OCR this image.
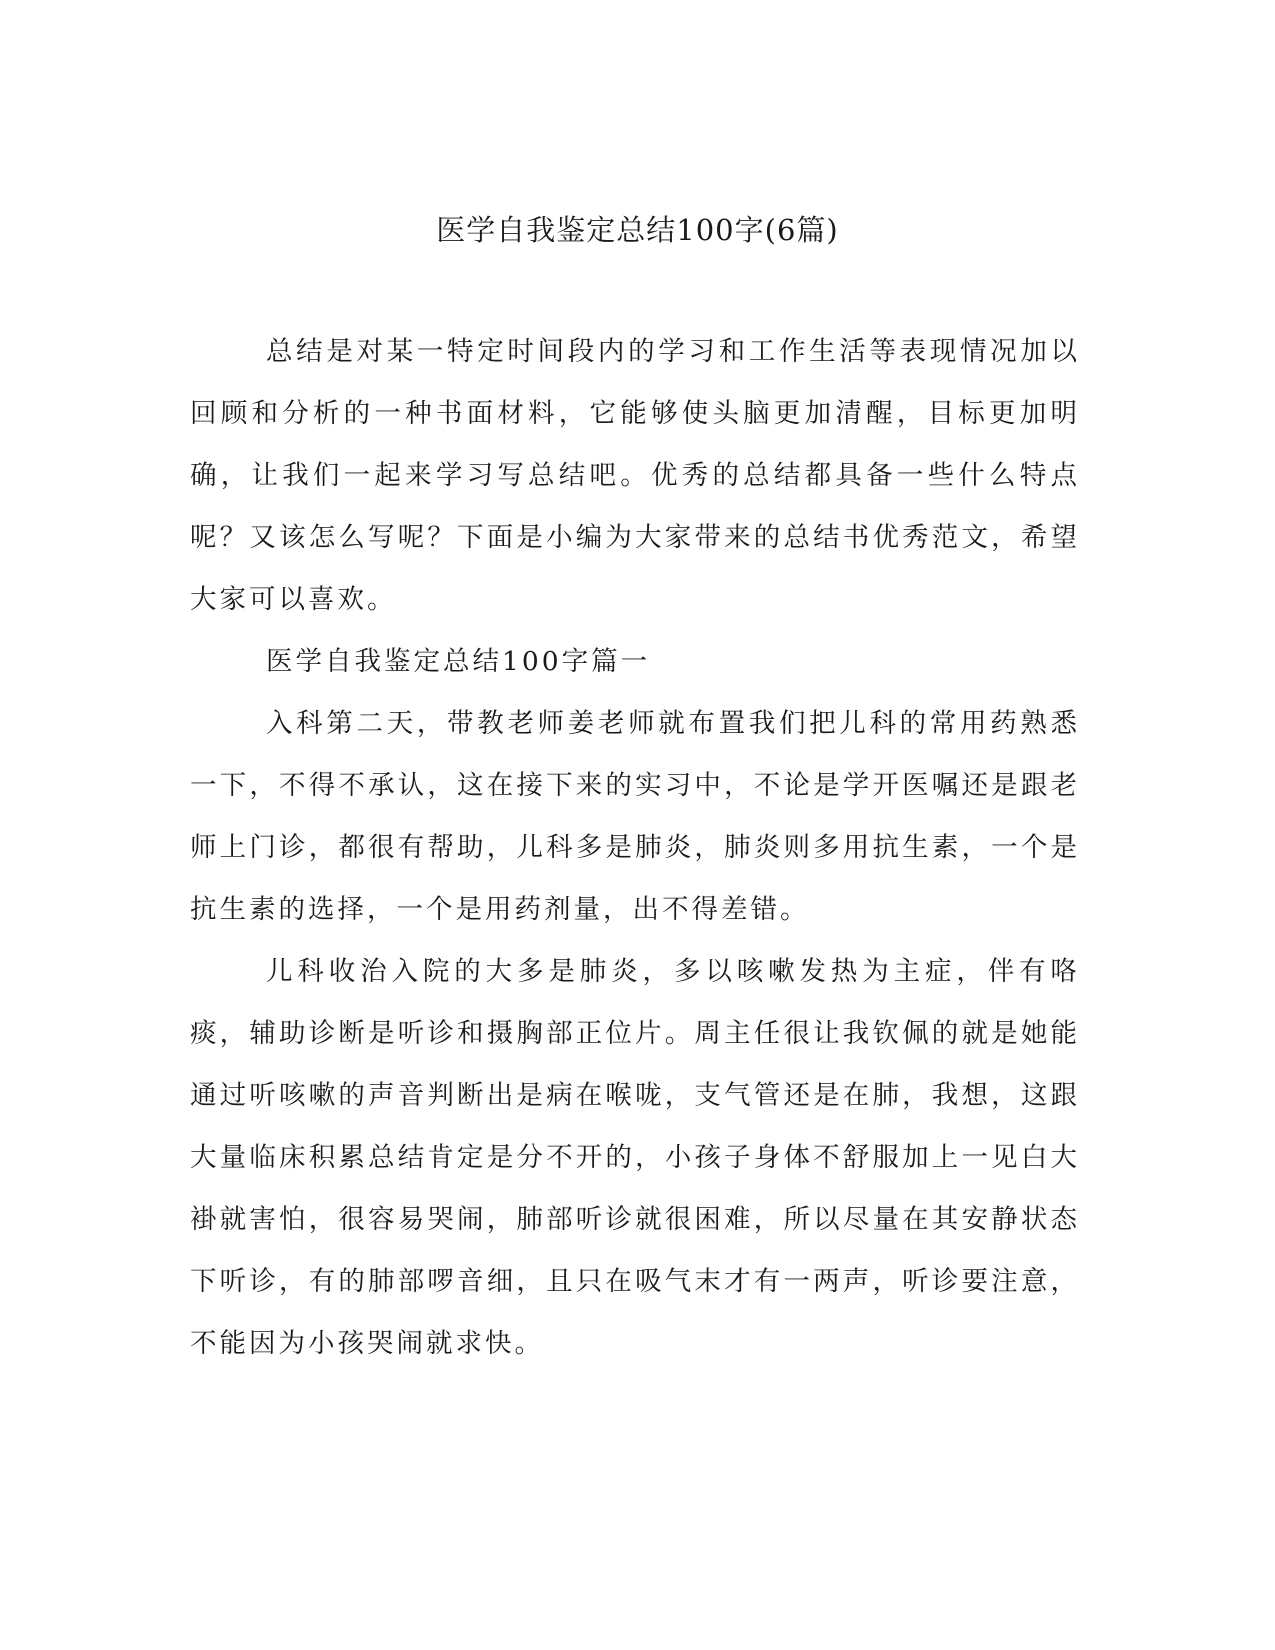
医学自我鉴定总结100字(6篇)

总结是对某一特定时间段内的学习和工作生活等表现情况加以回顾和分析的一种书面材料，它能够使头脑更加清醒，目标更加明确，让我们一起来学习写总结吧。优秀的总结都具备一些什么特点呢？又该怎么写呢？下面是小编为大家带来的总结书优秀范文，希望大家可以喜欢。

医学自我鉴定总结100字篇一

入科第二天，带教老师姜老师就布置我们把儿科的常用药熟悉一下，不得不承认，这在接下来的实习中，不论是学开医嘱还是跟老师上门诊，都很有帮助，儿科多是肺炎，肺炎则多用抗生素，一个是抗生素的选择，一个是用药剂量，出不得差错。

儿科收治入院的大多是肺炎，多以咳嗽发热为主症，伴有咯痰，辅助诊断是听诊和摄胸部正位片。周主任很让我钦佩的就是她能通过听咳嗽的声音判断出是病在喉咙，支气管还是在肺，我想，这跟大量临床积累总结肯定是分不开的，小孩子身体不舒服加上一见白大褂就害怕，很容易哭闹，肺部听诊就很困难，所以尽量在其安静状态下听诊，有的肺部啰音细，且只在吸气末才有一两声，听诊要注意，不能因为小孩哭闹就求快。
